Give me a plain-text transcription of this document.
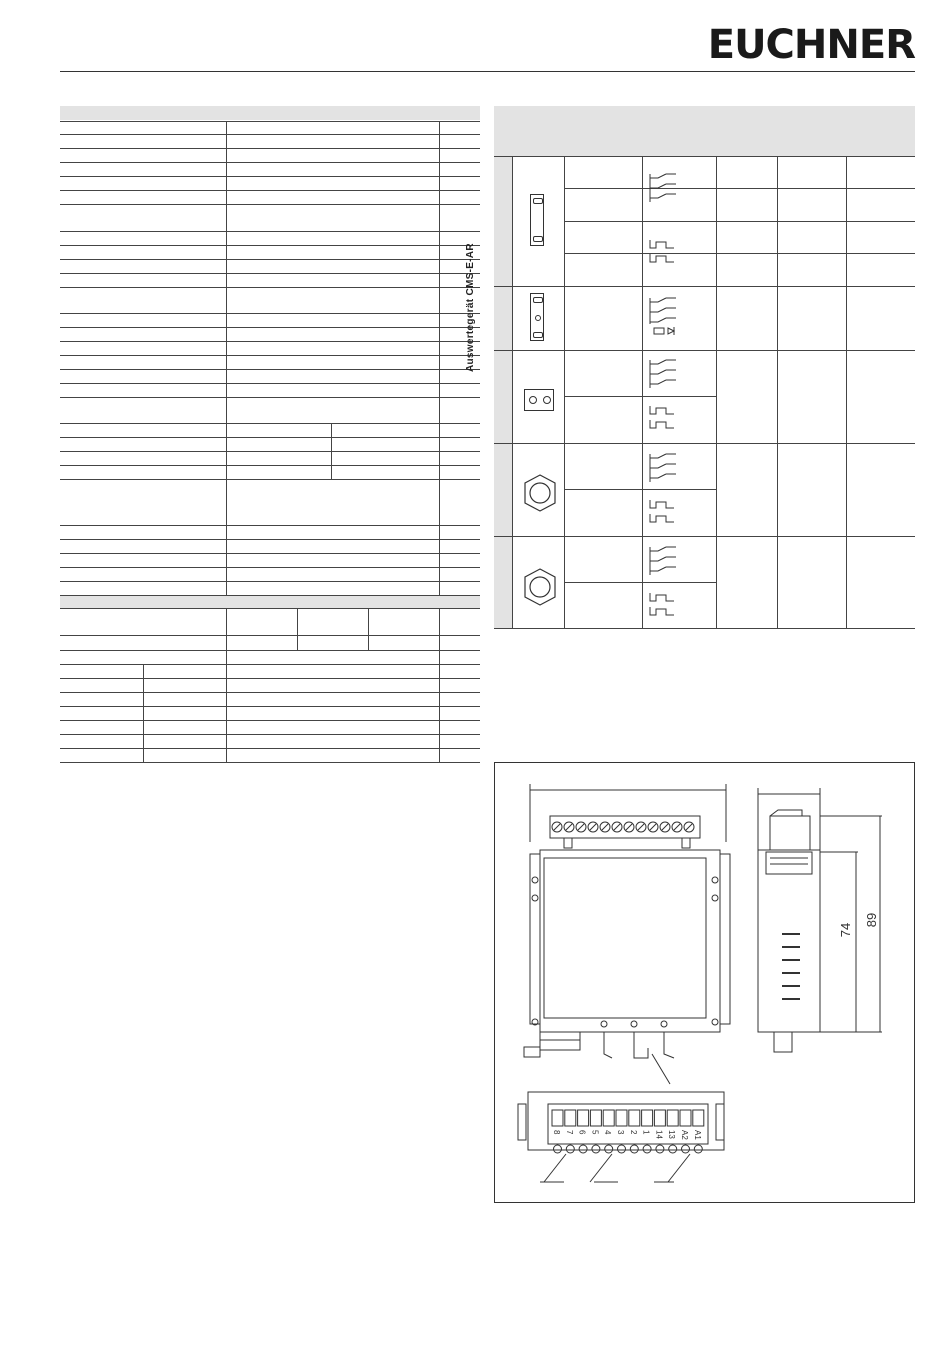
EUCHNER
Auswertegerät CMS-E-AR
74
89
8 7 6 5 4 3 2 1 14 13 A2 A1
